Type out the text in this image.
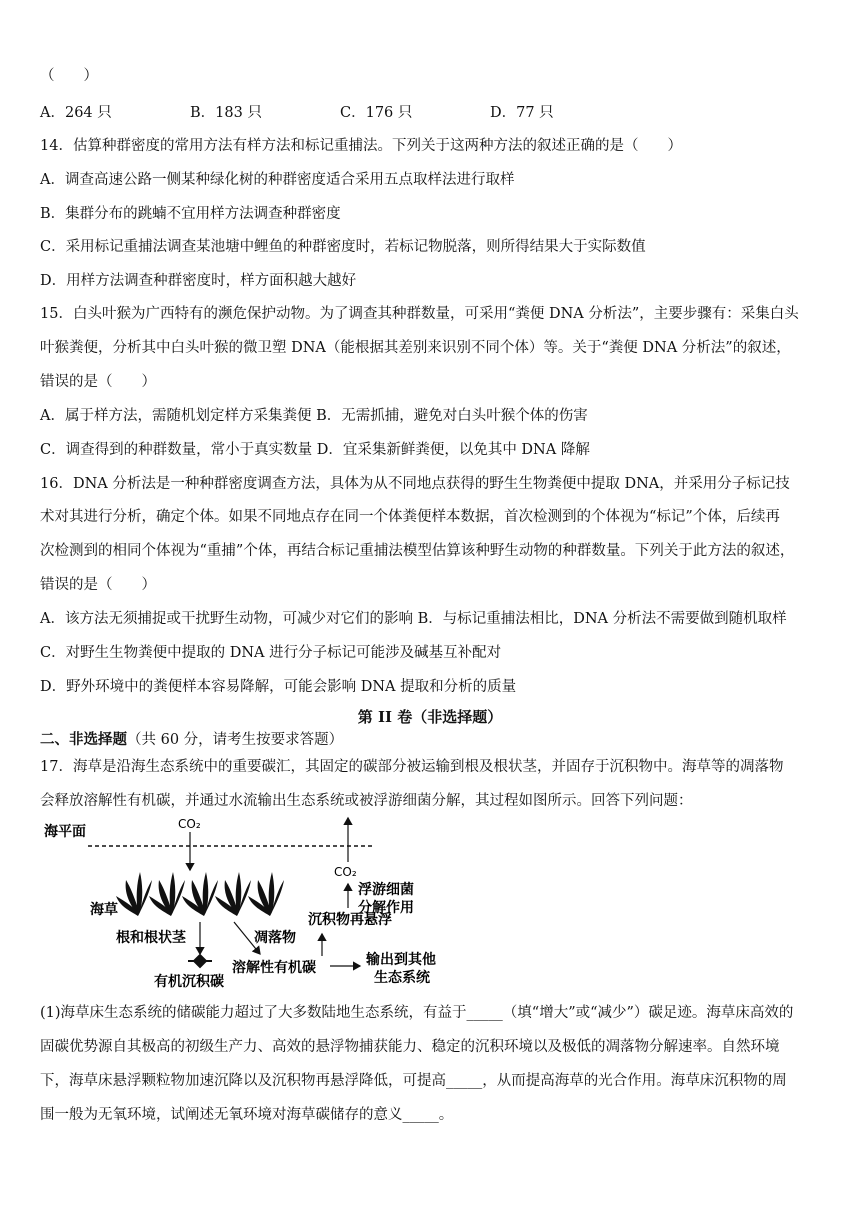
（　　）
A．264 只	B．183 只	C．176 只	D．77 只
14．估算种群密度的常用方法有样方法和标记重捕法。下列关于这两种方法的叙述正确的是（　　）
A．调查高速公路一侧某种绿化树的种群密度适合采用五点取样法进行取样
B．集群分布的跳蝻不宜用样方法调查种群密度
C．采用标记重捕法调查某池塘中鲤鱼的种群密度时，若标记物脱落，则所得结果大于实际数值
D．用样方法调查种群密度时，样方面积越大越好
15．白头叶猴为广西特有的濒危保护动物。为了调查其种群数量，可采用“粪便 DNA 分析法”，主要步骤有：采集白头
叶猴粪便，分析其中白头叶猴的微卫塑 DNA（能根据其差别来识别不同个体）等。关于“粪便 DNA 分析法”的叙述，
错误的是（　　）
A．属于样方法，需随机划定样方采集粪便 B．无需抓捕，避免对白头叶猴个体的伤害
C．调查得到的种群数量，常小于真实数量 D．宜采集新鲜粪便，以免其中 DNA 降解
16．DNA 分析法是一种种群密度调查方法，具体为从不同地点获得的野生生物粪便中提取 DNA，并采用分子标记技
术对其进行分析，确定个体。如果不同地点存在同一个体粪便样本数据，首次检测到的个体视为“标记”个体，后续再
次检测到的相同个体视为“重捕”个体，再结合标记重捕法模型估算该种野生动物的种群数量。下列关于此方法的叙述，
错误的是（　　）
A．该方法无须捕捉或干扰野生动物，可减少对它们的影响 B．与标记重捕法相比，DNA 分析法不需要做到随机取样
C．对野生生物粪便中提取的 DNA 进行分子标记可能涉及碱基互补配对
D．野外环境中的粪便样本容易降解，可能会影响 DNA 提取和分析的质量
第 II 卷（非选择题）
二、非选择题（共 60 分，请考生按要求答题）
17．海草是沿海生态系统中的重要碳汇，其固定的碳部分被运输到根及根状茎，并固存于沉积物中。海草等的凋落物
会释放溶解性有机碳，并通过水流输出生态系统或被浮游细菌分解，其过程如图所示。回答下列问题：
海平面	CO₂
海草
根和根状茎
有机沉积碳
凋落物
溶解性有机碳
沉积物再悬浮
浮游细菌
分解作用
CO₂
输出到其他
生态系统
(1)海草床生态系统的储碳能力超过了大多数陆地生态系统，有益于_____（填“增大”或“减少”）碳足迹。海草床高效的
固碳优势源自其极高的初级生产力、高效的悬浮物捕获能力、稳定的沉积环境以及极低的凋落物分解速率。自然环境
下，海草床悬浮颗粒物加速沉降以及沉积物再悬浮降低，可提高_____，从而提高海草的光合作用。海草床沉积物的周
围一般为无氧环境，试阐述无氧环境对海草碳储存的意义_____。
